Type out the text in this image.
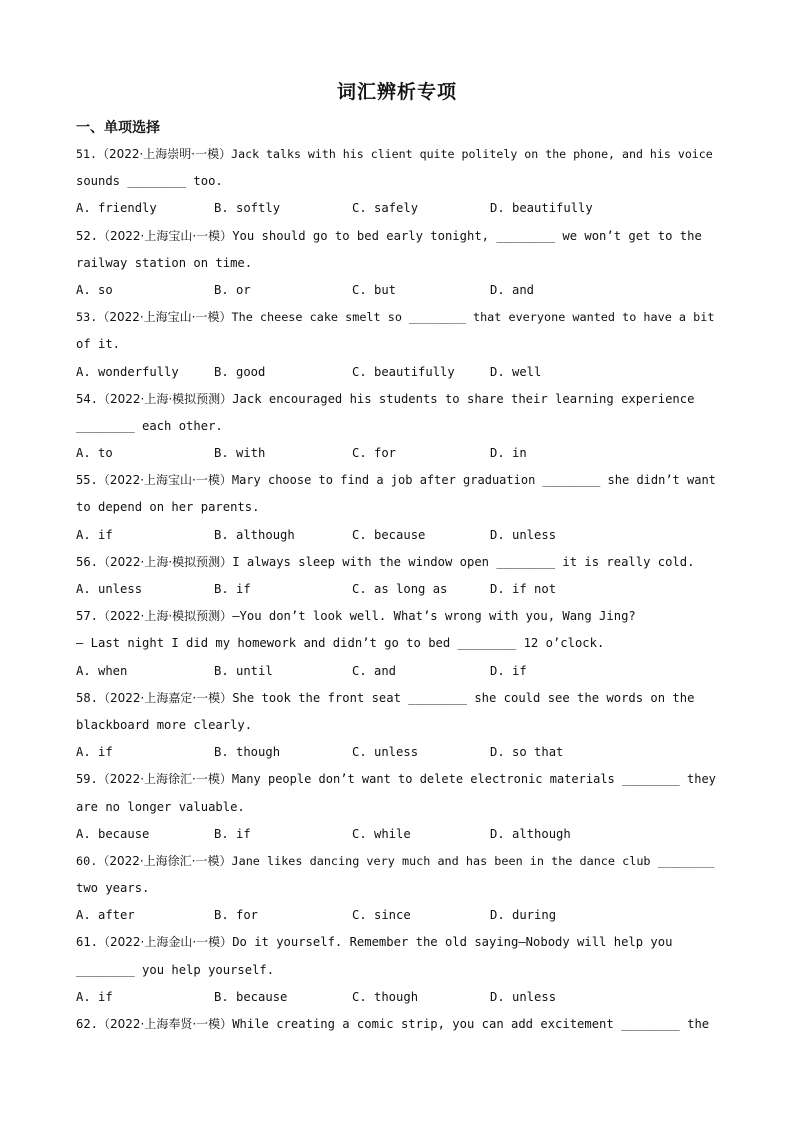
词汇辨析专项
一、单项选择
51.（2022·上海崇明·一模）Jack talks with his client quite politely on the phone, and his voice
sounds ________ too.
A. friendly	B. softly	C. safely	D. beautifully
52.（2022·上海宝山·一模）You should go to bed early tonight, ________ we won’t get to the
railway station on time.
A. so	B. or	C. but	D. and
53.（2022·上海宝山·一模）The cheese cake smelt so ________ that everyone wanted to have a bit
of it.
A. wonderfully	B. good	C. beautifully	D. well
54.（2022·上海·模拟预测）Jack encouraged his students to share their learning experience
________ each other.
A. to	B. with	C. for	D. in
55.（2022·上海宝山·一模）Mary choose to find a job after graduation ________ she didn’t want
to depend on her parents.
A. if	B. although	C. because	D. unless
56.（2022·上海·模拟预测）I always sleep with the window open ________ it is really cold.
A. unless	B. if	C. as long as	D. if not
57.（2022·上海·模拟预测）—You don’t look well. What’s wrong with you, Wang Jing?
— Last night I did my homework and didn’t go to bed ________ 12 o’clock.
A. when	B. until	C. and	D. if
58.（2022·上海嘉定·一模）She took the front seat ________ she could see the words on the
blackboard more clearly.
A. if	B. though	C. unless	D. so that
59.（2022·上海徐汇·一模）Many people don’t want to delete electronic materials ________ they
are no longer valuable.
A. because	B. if	C. while	D. although
60.（2022·上海徐汇·一模）Jane likes dancing very much and has been in the dance club ________
two years.
A. after	B. for	C. since	D. during
61.（2022·上海金山·一模）Do it yourself. Remember the old saying—Nobody will help you
________ you help yourself.
A. if	B. because	C. though	D. unless
62.（2022·上海奉贤·一模）While creating a comic strip, you can add excitement ________ the
